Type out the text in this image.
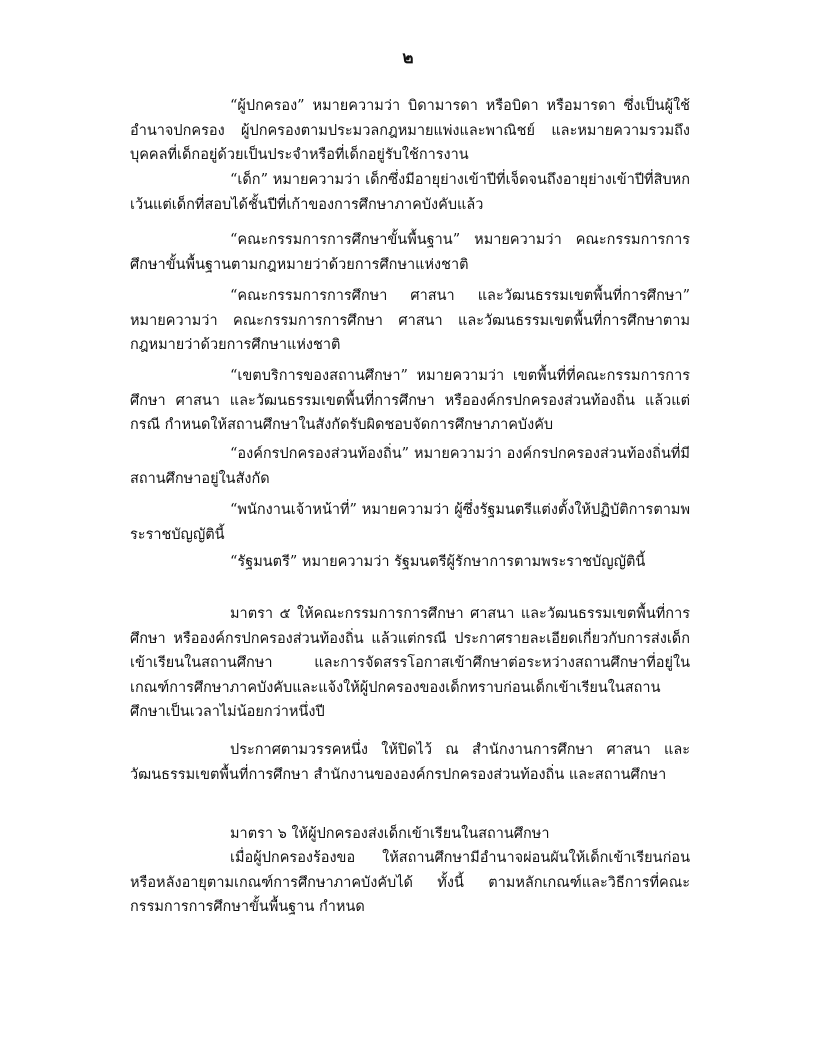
๒

“ผู้ปกครอง” หมายความว่า บิดามารดา หรือบิดา หรือมารดา ซึ่งเป็นผู้ใช้อำนาจปกครอง ผู้ปกครองตามประมวลกฎหมายแพ่งและพาณิชย์ และหมายความรวมถึงบุคคลที่เด็กอยู่ด้วยเป็นประจำหรือที่เด็กอยู่รับใช้การงาน

“เด็ก” หมายความว่า เด็กซึ่งมีอายุย่างเข้าปีที่เจ็ดจนถึงอายุย่างเข้าปีที่สิบหก เว้นแต่เด็กที่สอบได้ชั้นปีที่เก้าของการศึกษาภาคบังคับแล้ว

“คณะกรรมการการศึกษาขั้นพื้นฐาน” หมายความว่า คณะกรรมการการศึกษาขั้นพื้นฐานตามกฎหมายว่าด้วยการศึกษาแห่งชาติ

“คณะกรรมการการศึกษา ศาสนา และวัฒนธรรมเขตพื้นที่การศึกษา” หมายความว่า คณะกรรมการการศึกษา ศาสนา และวัฒนธรรมเขตพื้นที่การศึกษาตามกฎหมายว่าด้วยการศึกษาแห่งชาติ

“เขตบริการของสถานศึกษา” หมายความว่า เขตพื้นที่ที่คณะกรรมการการศึกษา ศาสนา และวัฒนธรรมเขตพื้นที่การศึกษา หรือองค์กรปกครองส่วนท้องถิ่น แล้วแต่กรณี กำหนดให้สถานศึกษาในสังกัดรับผิดชอบจัดการศึกษาภาคบังคับ

“องค์กรปกครองส่วนท้องถิ่น” หมายความว่า องค์กรปกครองส่วนท้องถิ่นที่มีสถานศึกษาอยู่ในสังกัด

“พนักงานเจ้าหน้าที่” หมายความว่า ผู้ซึ่งรัฐมนตรีแต่งตั้งให้ปฏิบัติการตามพระราชบัญญัตินี้

“รัฐมนตรี” หมายความว่า รัฐมนตรีผู้รักษาการตามพระราชบัญญัตินี้

มาตรา ๕ ให้คณะกรรมการการศึกษา ศาสนา และวัฒนธรรมเขตพื้นที่การศึกษา หรือองค์กรปกครองส่วนท้องถิ่น แล้วแต่กรณี ประกาศรายละเอียดเกี่ยวกับการส่งเด็กเข้าเรียนในสถานศึกษา และการจัดสรรโอกาสเข้าศึกษาต่อระหว่างสถานศึกษาที่อยู่ในเกณฑ์การศึกษาภาคบังคับและแจ้งให้ผู้ปกครองของเด็กทราบก่อนเด็กเข้าเรียนในสถานศึกษาเป็นเวลาไม่น้อยกว่าหนึ่งปี

ประกาศตามวรรคหนึ่ง ให้ปิดไว้ ณ สำนักงานการศึกษา ศาสนา และวัฒนธรรมเขตพื้นที่การศึกษา สำนักงานขององค์กรปกครองส่วนท้องถิ่น และสถานศึกษา

มาตรา ๖ ให้ผู้ปกครองส่งเด็กเข้าเรียนในสถานศึกษา

เมื่อผู้ปกครองร้องขอ ให้สถานศึกษามีอำนาจผ่อนผันให้เด็กเข้าเรียนก่อนหรือหลังอายุตามเกณฑ์การศึกษาภาคบังคับได้ ทั้งนี้ ตามหลักเกณฑ์และวิธีการที่คณะกรรมการการศึกษาขั้นพื้นฐาน กำหนด
